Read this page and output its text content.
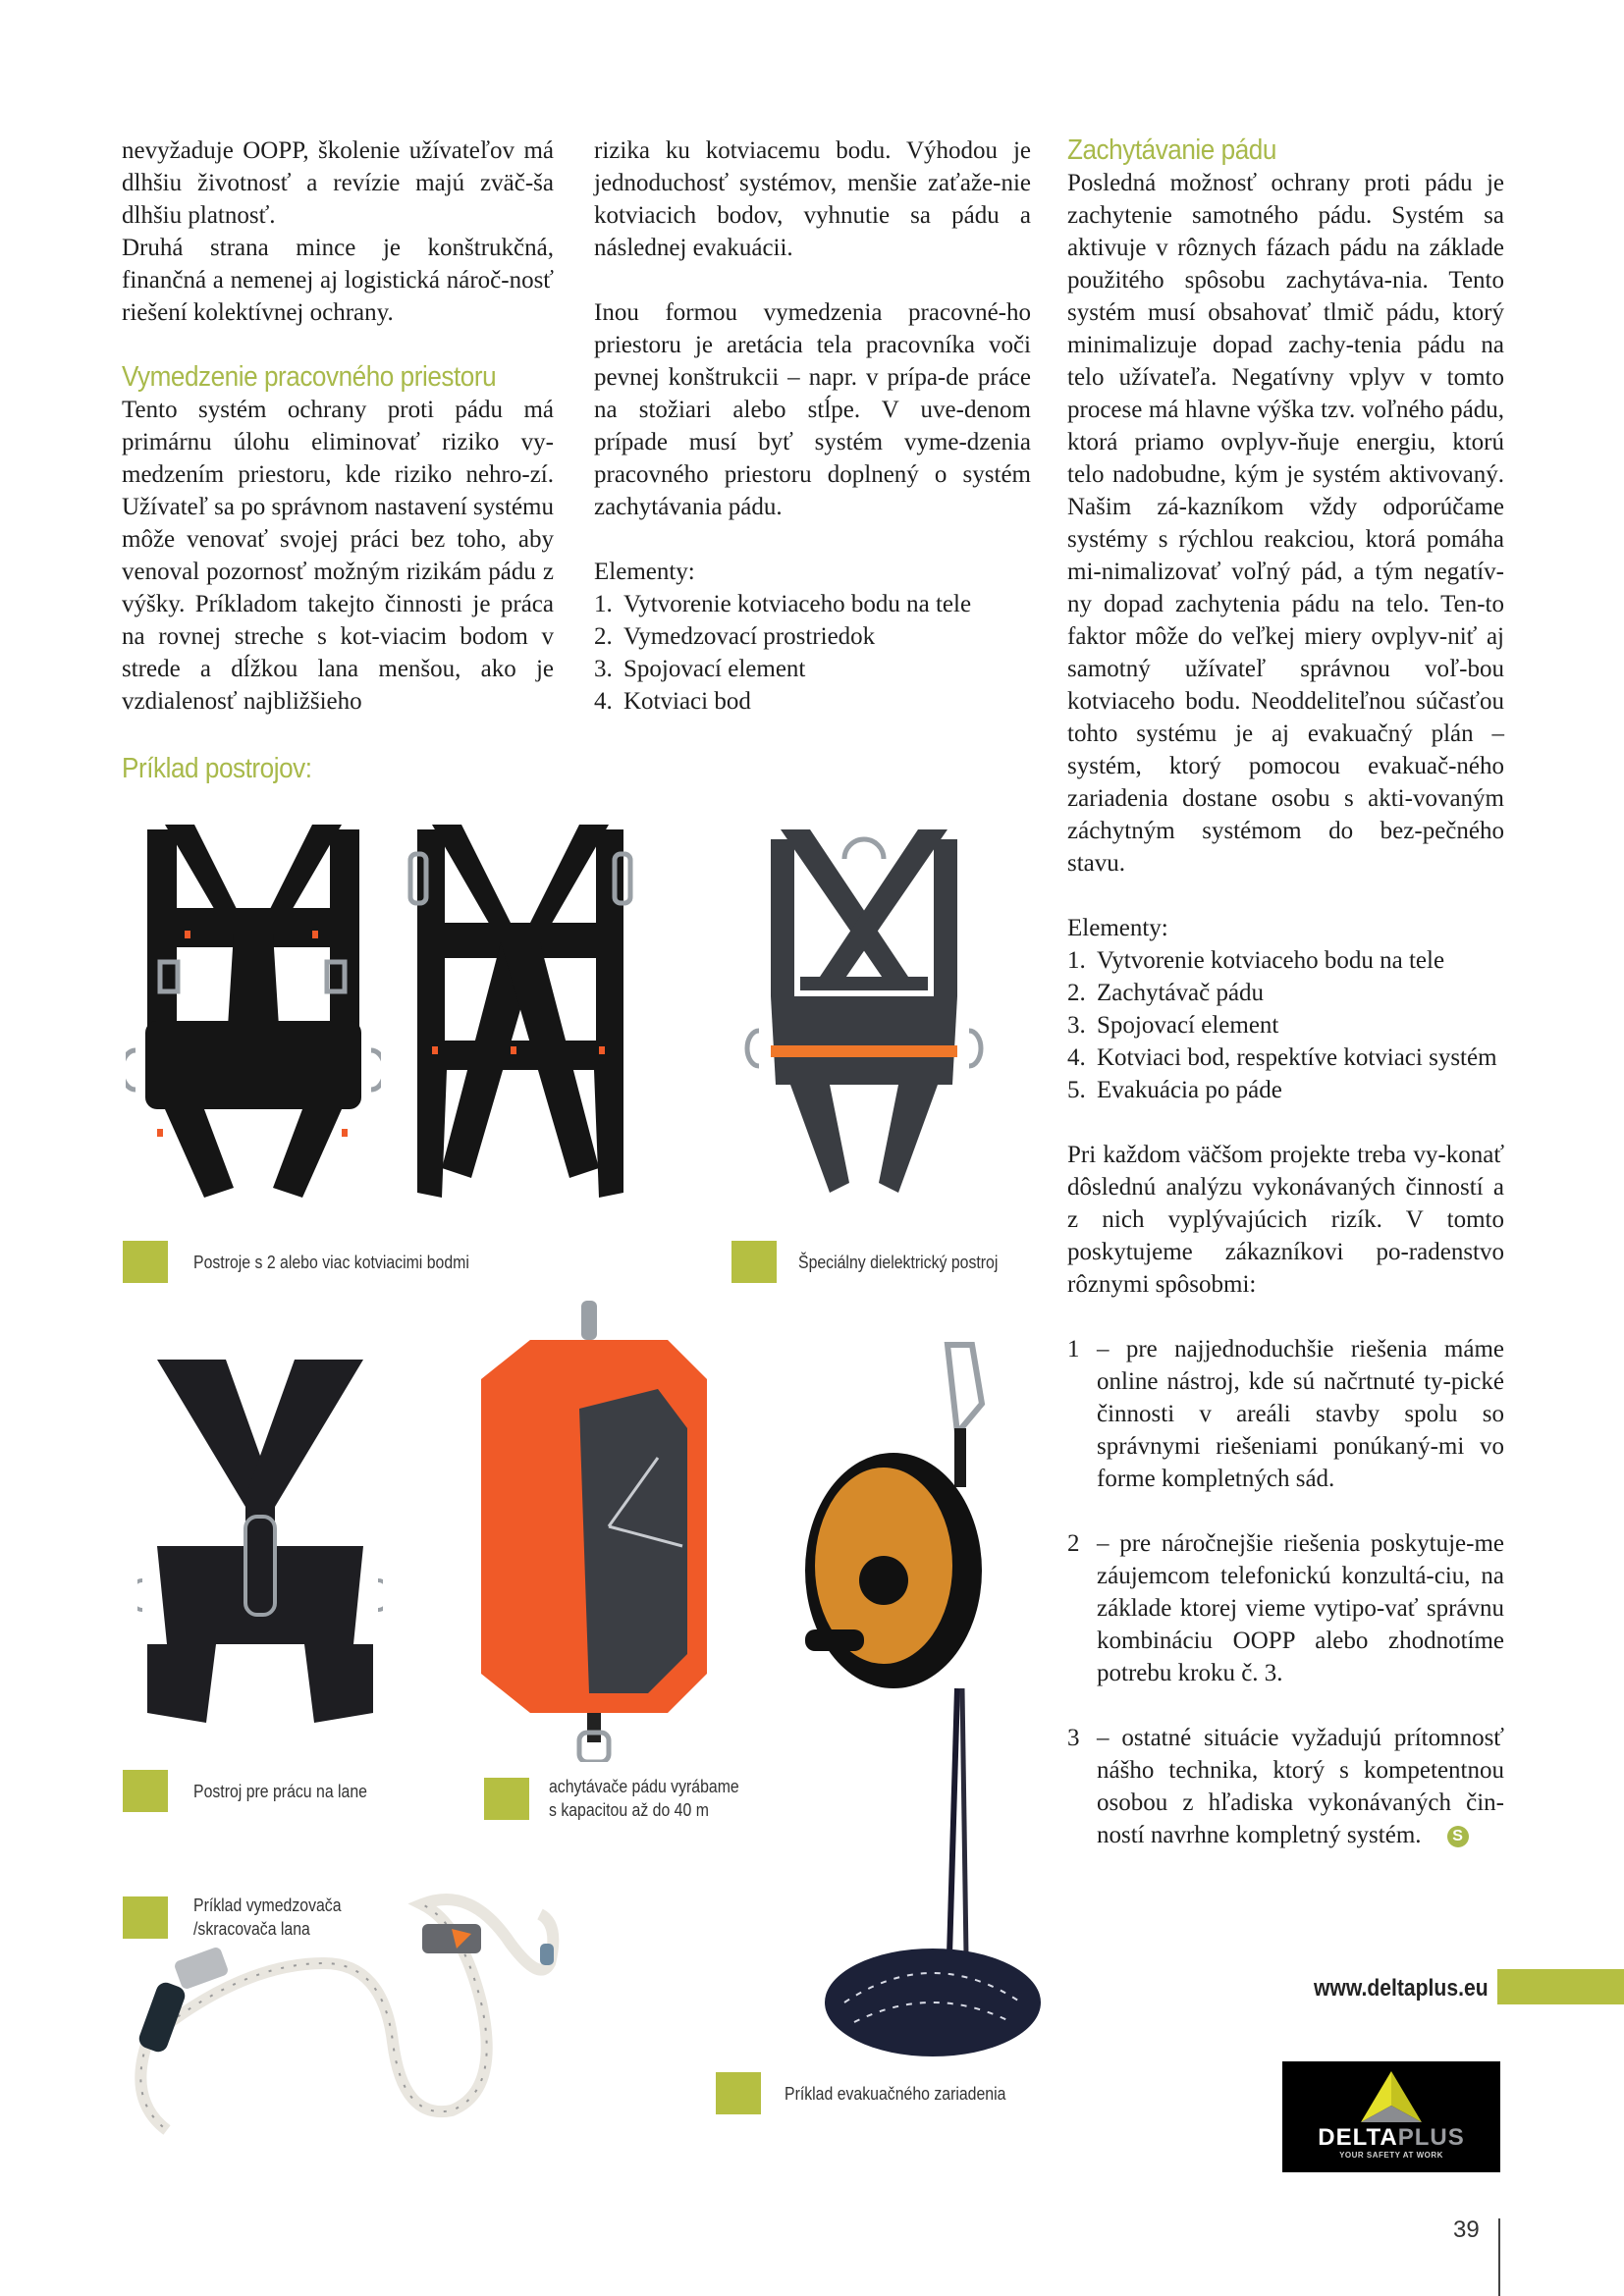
nevyžaduje OOPP, školenie užívateľov má dlhšiu životnosť a revízie majú zväč-ša dlhšiu platnosť.

Druhá strana mince je konštrukčná, finančná a nemenej aj logistická nároč-nosť riešení kolektívnej ochrany.

Vymedzenie pracovného priestoru

Tento systém ochrany proti pádu má primárnu úlohu eliminovať riziko vy-medzením priestoru, kde riziko nehro-zí. Užívateľ sa po správnom nastavení systému môže venovať svojej práci bez toho, aby venoval pozornosť možným rizikám pádu z výšky. Príkladom takejto činnosti je práca na rovnej streche s kot-viacim bodom v strede a dĺžkou lana menšou, ako je vzdialenosť najbližšieho

Príklad postrojov:

rizika ku kotviacemu bodu. Výhodou je jednoduchosť systémov, menšie zaťaže-nie kotviacich bodov, vyhnutie sa pádu a následnej evakuácii.

Inou formou vymedzenia pracovné-ho priestoru je aretácia tela pracovníka voči pevnej konštrukcii – napr. v prípa-de práce na stožiari alebo stĺpe. V uve-denom prípade musí byť systém vyme-dzenia pracovného priestoru doplnený o systém zachytávania pádu.

Elementy:

1. Vytvorenie kotviaceho bodu na tele
2. Vymedzovací prostriedok
3. Spojovací element
4. Kotviaci bod
Zachytávanie pádu

Posledná možnosť ochrany proti pádu je zachytenie samotného pádu. Systém sa aktivuje v rôznych fázach pádu na základe použitého spôsobu zachytáva-nia. Tento systém musí obsahovať tlmič pádu, ktorý minimalizuje dopad zachy-tenia pádu na telo užívateľa. Negatívny vplyv v tomto procese má hlavne výška tzv. voľného pádu, ktorá priamo ovplyv-ňuje energiu, ktorú telo nadobudne, kým je systém aktivovaný. Našim zá-kazníkom vždy odporúčame systémy s rýchlou reakciou, ktorá pomáha mi-nimalizovať voľný pád, a tým negatív-ny dopad zachytenia pádu na telo. Ten-to faktor môže do veľkej miery ovplyv-niť aj samotný užívateľ správnou voľ-bou kotviaceho bodu. Neoddeliteľnou súčasťou tohto systému je aj evakuačný plán – systém, ktorý pomocou evakuač-ného zariadenia dostane osobu s akti-vovaným záchytným systémom do bez-pečného stavu.

Elementy:

1. Vytvorenie kotviaceho bodu na tele
2. Zachytávač pádu
3. Spojovací element
4. Kotviaci bod, respektíve kotviaci systém
5. Evakuácia po páde

Pri každom väčšom projekte treba vy-konať dôslednú analýzu vykonávaných činností a z nich vyplývajúcich rizík. V tomto poskytujeme zákazníkovi po-radenstvo rôznymi spôsobmi:

1 – pre najjednoduchšie riešenia máme online nástroj, kde sú načrtnuté ty-pické činnosti v areáli stavby spolu so správnymi riešeniami ponúkaný-mi vo forme kompletných sád.
2 – pre náročnejšie riešenia poskytuje-me záujemcom telefonickú konzultá-ciu, na základe ktorej vieme vytipo-vať správnu kombináciu OOPP alebo zhodnotíme potrebu kroku č. 3.
3 – ostatné situácie vyžadujú prítomnosť nášho technika, ktorý s kompetentnou osobou z hľadiska vykonávaných čin-ností navrhne kompletný systém. S
Postroje s 2 alebo viac kotviacimi bodmi	Špeciálny dielektrický postroj
Postroj pre prácu na lane	achytávače pádu vyrábame
s kapacitou až do 40 m
Príklad vymedzovača
/skracovača lana
Príklad evakuačného zariadenia
www.deltaplus.eu
DELTAPLUS
YOUR SAFETY AT WORK
39
